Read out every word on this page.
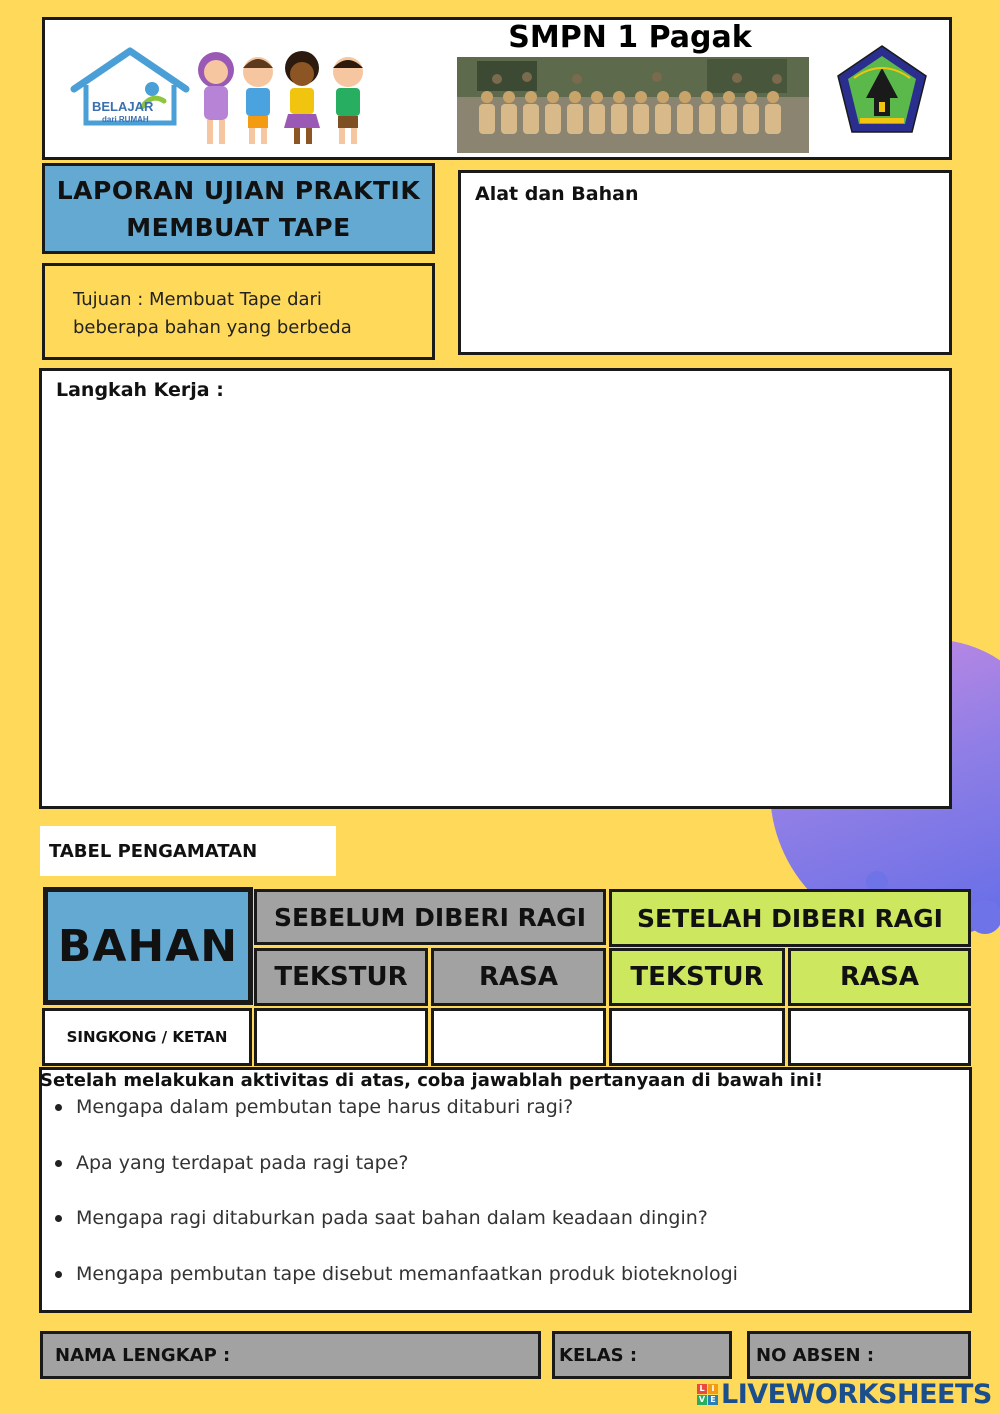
BELAJAR
dari RUMAH
SMPN 1 Pagak
LAPORAN UJIAN PRAKTIK
MEMBUAT TAPE
Tujuan : Membuat Tape dari beberapa bahan yang berbeda
Alat dan Bahan
Langkah Kerja :
TABEL PENGAMATAN
BAHAN
SEBELUM DIBERI RAGI	SETELAH DIBERI RAGI
TEKSTUR	RASA	TEKSTUR	RASA
SINGKONG / KETAN
Setelah melakukan aktivitas di atas, coba jawablah pertanyaan di bawah ini!
Mengapa dalam pembutan tape harus ditaburi ragi?
Apa yang terdapat pada ragi tape?
Mengapa ragi ditaburkan pada saat bahan dalam keadaan dingin?
Mengapa pembutan tape disebut memanfaatkan produk bioteknologi
NAMA LENGKAP :	KELAS :	NO ABSEN :
L I
V E LIVEWORKSHEETS
